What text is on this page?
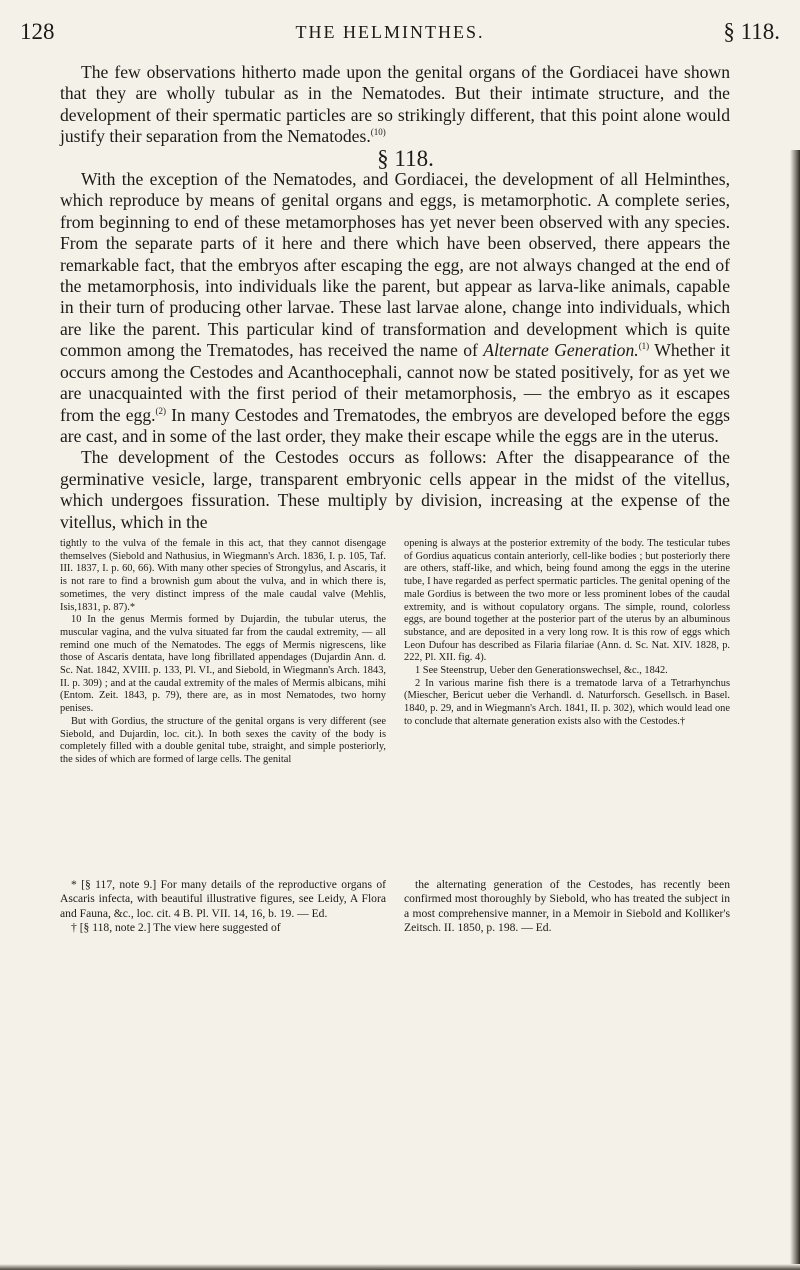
128	THE HELMINTHES.	§ 118.

The few observations hitherto made upon the genital organs of the Gordiacei have shown that they are wholly tubular as in the Nematodes. But their intimate structure, and the development of their spermatic particles are so strikingly different, that this point alone would justify their separation from the Nematodes.$^{(10)}$

§ 118.

With the exception of the Nematodes, and Gordiacei, the development of all Helminthes, which reproduce by means of genital organs and eggs, is metamorphotic. A complete series, from beginning to end of these metamorphoses has yet never been observed with any species. From the separate parts of it here and there which have been observed, there appears the remarkable fact, that the embryos after escaping the egg, are not always changed at the end of the metamorphosis, into individuals like the parent, but appear as larva-like animals, capable in their turn of producing other larvae. These last larvae alone, change into individuals, which are like the parent. This particular kind of transformation and development which is quite common among the Trematodes, has received the name of Alternate Generation.$^{(1)}$ Whether it occurs among the Cestodes and Acanthocephali, cannot now be stated positively, for as yet we are unacquainted with the first period of their metamorphosis, — the embryo as it escapes from the egg.$^{(2)}$ In many Cestodes and Trematodes, the embryos are developed before the eggs are cast, and in some of the last order, they make their escape while the eggs are in the uterus.

The development of the Cestodes occurs as follows: After the disappearance of the germinative vesicle, large, transparent embryonic cells appear in the midst of the vitellus, which undergoes fissuration. These multiply by division, increasing at the expense of the vitellus, which in the

tightly to the vulva of the female in this act, that they cannot disengage themselves (Siebold and Nathusius, in Wiegmann's Arch. 1836, I. p. 105, Taf. III. 1837, I. p. 60, 66). With many other species of Strongylus, and Ascaris, it is not rare to find a brownish gum about the vulva, and in which there is, sometimes, the very distinct impress of the male caudal valve (Mehlis, Isis,1831, p. 87).*

10 In the genus Mermis formed by Dujardin, the tubular uterus, the muscular vagina, and the vulva situated far from the caudal extremity, — all remind one much of the Nematodes. The eggs of Mermis nigrescens, like those of Ascaris dentata, have long fibrillated appendages (Dujardin Ann. d. Sc. Nat. 1842, XVIII. p. 133, Pl. VI., and Siebold, in Wiegmann's Arch. 1843, II. p. 309) ; and at the caudal extremity of the males of Mermis albicans, mihi (Entom. Zeit. 1843, p. 79), there are, as in most Nematodes, two horny penises.

But with Gordius, the structure of the genital organs is very different (see Siebold, and Dujardin, loc. cit.). In both sexes the cavity of the body is completely filled with a double genital tube, straight, and simple posteriorly, the sides of which are formed of large cells. The genital

opening is always at the posterior extremity of the body. The testicular tubes of Gordius aquaticus contain anteriorly, cell-like bodies ; but posteriorly there are others, staff-like, and which, being found among the eggs in the uterine tube, I have regarded as perfect spermatic particles. The genital opening of the male Gordius is between the two more or less prominent lobes of the caudal extremity, and is without copulatory organs. The simple, round, colorless eggs, are bound together at the posterior part of the uterus by an albuminous substance, and are deposited in a very long row. It is this row of eggs which Leon Dufour has described as Filaria filariae (Ann. d. Sc. Nat. XIV. 1828, p. 222, Pl. XII. fig. 4).

1 See Steenstrup, Ueber den Generationswechsel, &c., 1842.

2 In various marine fish there is a trematode larva of a Tetrarhynchus (Miescher, Bericut ueber die Verhandl. d. Naturforsch. Gesellsch. in Basel. 1840, p. 29, and in Wiegmann's Arch. 1841, II. p. 302), which would lead one to conclude that alternate generation exists also with the Cestodes.†

* [§ 117, note 9.] For many details of the reproductive organs of Ascaris infecta, with beautiful illustrative figures, see Leidy, A Flora and Fauna, &c., loc. cit. 4 B. Pl. VII. 14, 16, b. 19. — Ed.

† [§ 118, note 2.] The view here suggested of

the alternating generation of the Cestodes, has recently been confirmed most thoroughly by Siebold, who has treated the subject in a most comprehensive manner, in a Memoir in Siebold and Kolliker's Zeitsch. II. 1850, p. 198. — Ed.
